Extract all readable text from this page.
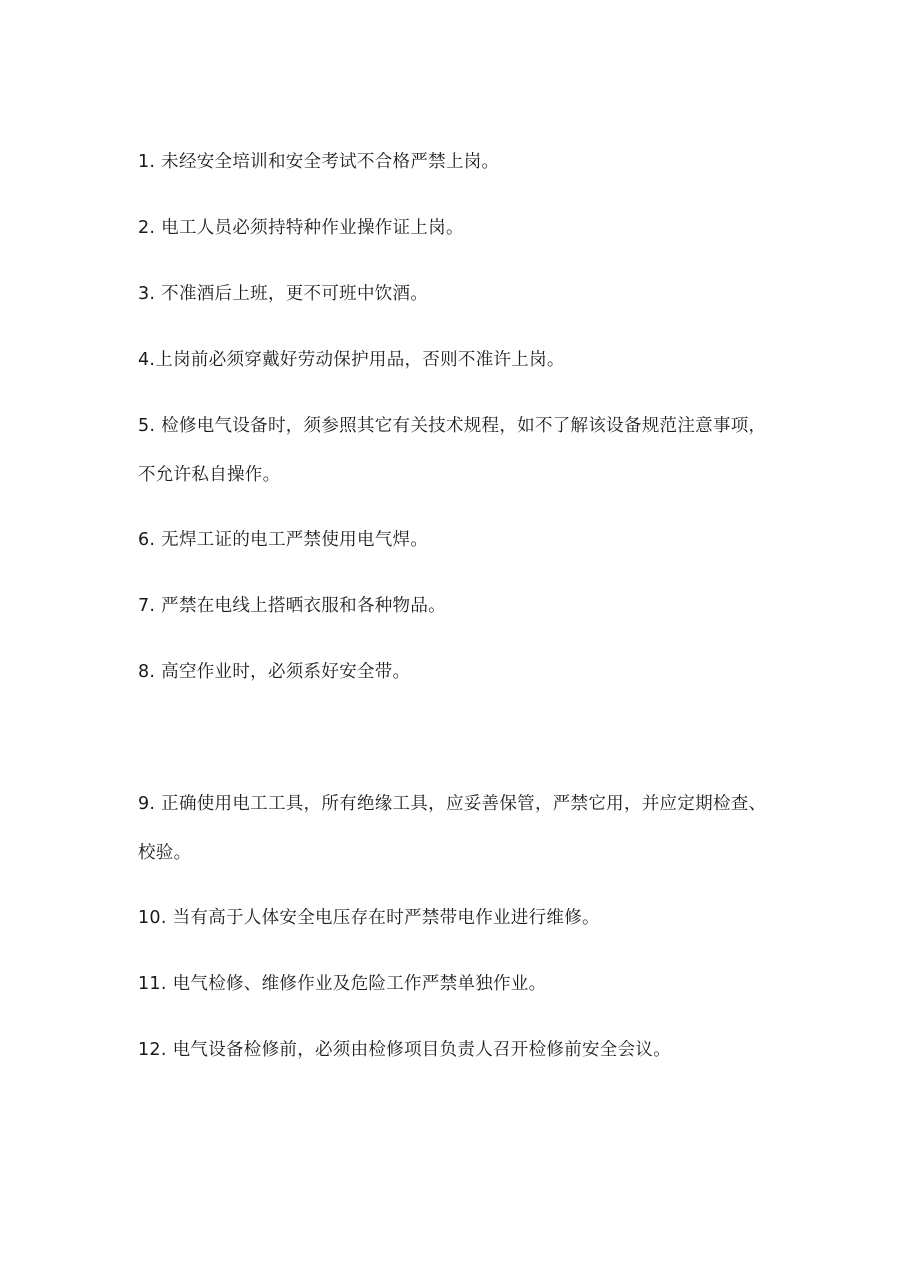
1. 未经安全培训和安全考试不合格严禁上岗。

2. 电工人员必须持特种作业操作证上岗。

3. 不准酒后上班，更不可班中饮酒。

4.上岗前必须穿戴好劳动保护用品，否则不准许上岗。

5. 检修电气设备时，须参照其它有关技术规程，如不了解该设备规范注意事项，不允许私自操作。

6. 无焊工证的电工严禁使用电气焊。

7. 严禁在电线上搭晒衣服和各种物品。

8. 高空作业时，必须系好安全带。

9. 正确使用电工工具，所有绝缘工具，应妥善保管，严禁它用，并应定期检查、校验。

10. 当有高于人体安全电压存在时严禁带电作业进行维修。

11. 电气检修、维修作业及危险工作严禁单独作业。

12. 电气设备检修前，必须由检修项目负责人召开检修前安全会议。
